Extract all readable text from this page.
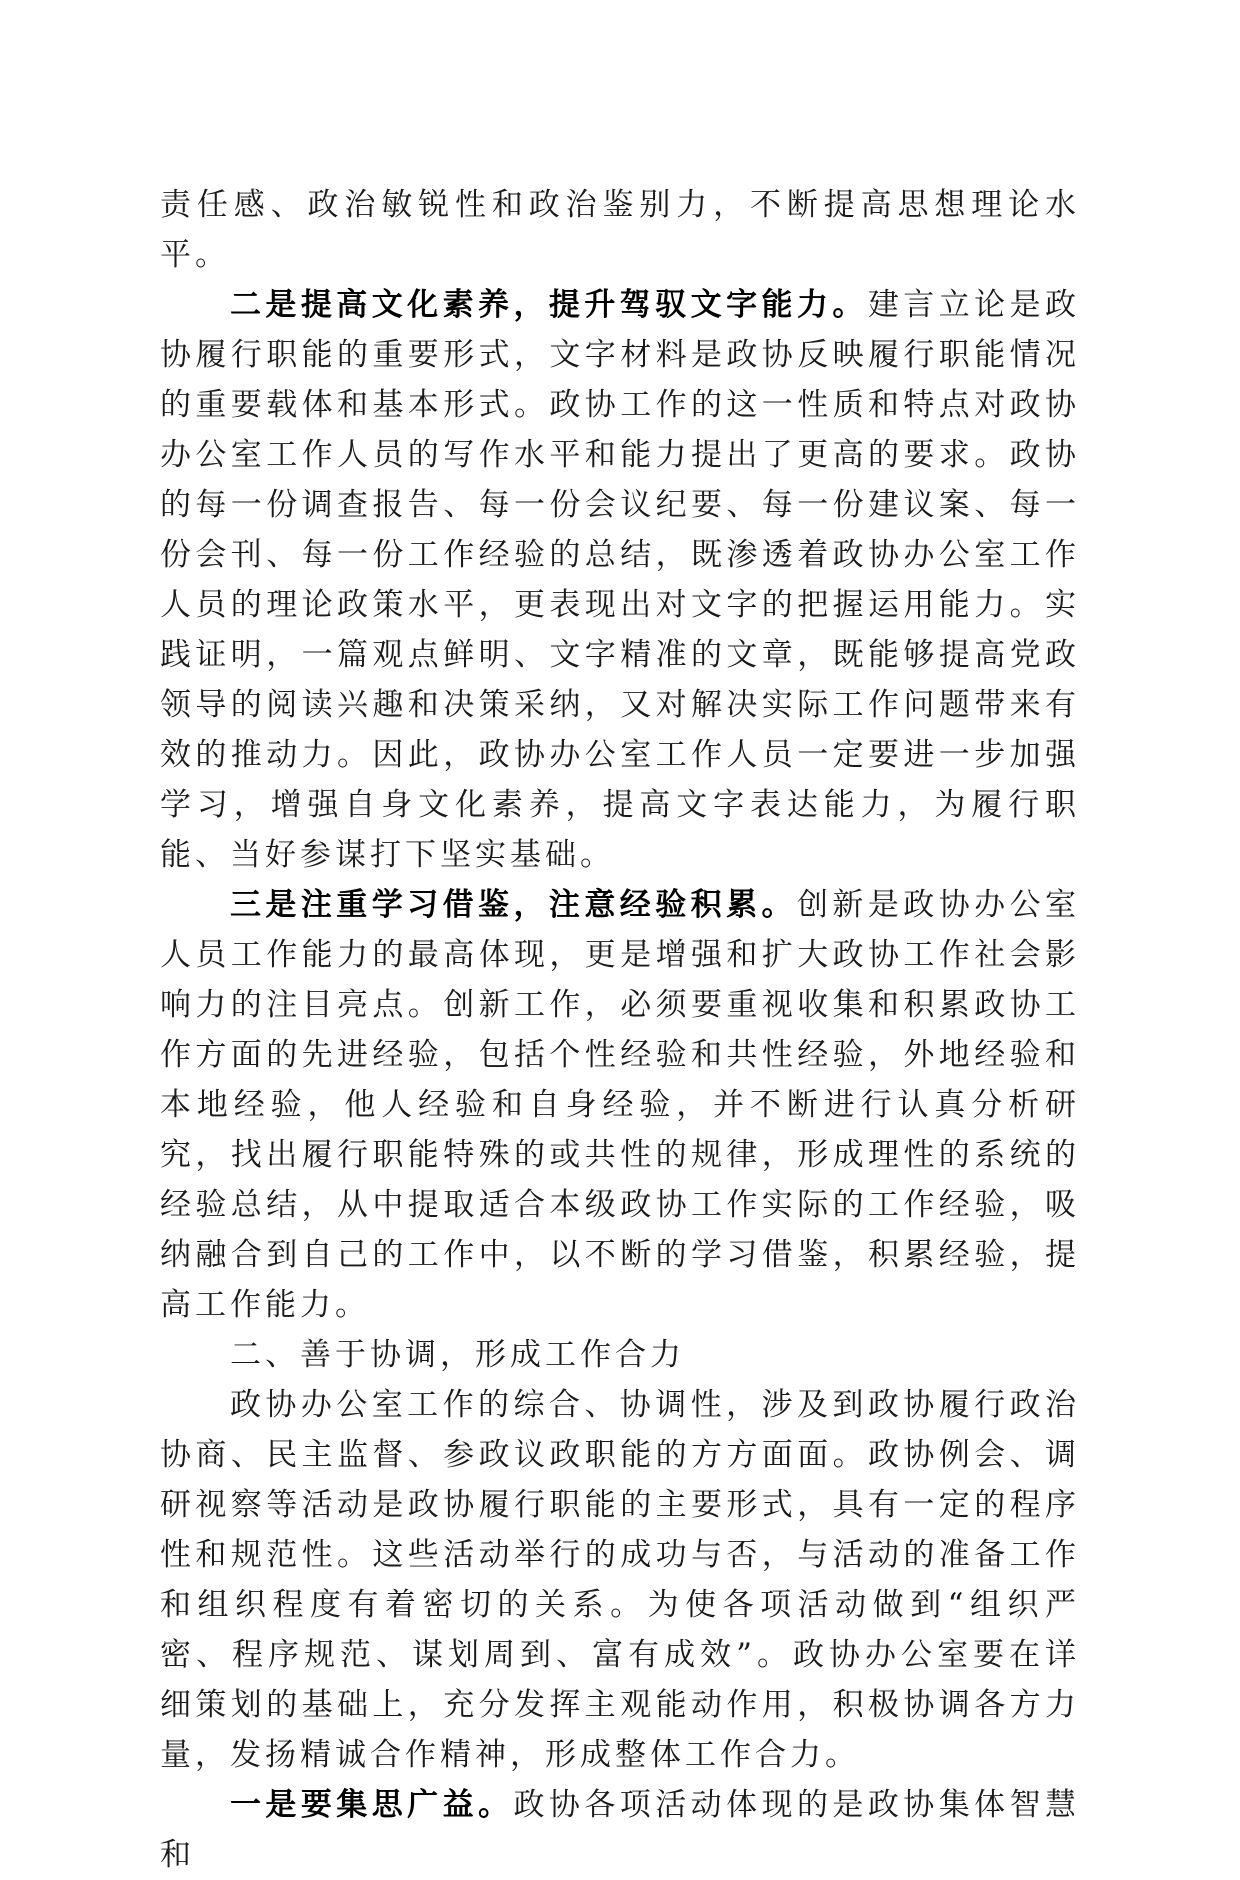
责任感、政治敏锐性和政治鉴别力，不断提高思想理论水平。

二是提高文化素养，提升驾驭文字能力。建言立论是政协履行职能的重要形式，文字材料是政协反映履行职能情况的重要载体和基本形式。政协工作的这一性质和特点对政协办公室工作人员的写作水平和能力提出了更高的要求。政协的每一份调查报告、每一份会议纪要、每一份建议案、每一份会刊、每一份工作经验的总结，既渗透着政协办公室工作人员的理论政策水平，更表现出对文字的把握运用能力。实践证明，一篇观点鲜明、文字精准的文章，既能够提高党政领导的阅读兴趣和决策采纳，又对解决实际工作问题带来有效的推动力。因此，政协办公室工作人员一定要进一步加强学习，增强自身文化素养，提高文字表达能力，为履行职能、当好参谋打下坚实基础。

三是注重学习借鉴，注意经验积累。创新是政协办公室人员工作能力的最高体现，更是增强和扩大政协工作社会影响力的注目亮点。创新工作，必须要重视收集和积累政协工作方面的先进经验，包括个性经验和共性经验，外地经验和本地经验，他人经验和自身经验，并不断进行认真分析研究，找出履行职能特殊的或共性的规律，形成理性的系统的经验总结，从中提取适合本级政协工作实际的工作经验，吸纳融合到自己的工作中，以不断的学习借鉴，积累经验，提高工作能力。

二、善于协调，形成工作合力

政协办公室工作的综合、协调性，涉及到政协履行政治协商、民主监督、参政议政职能的方方面面。政协例会、调研视察等活动是政协履行职能的主要形式，具有一定的程序性和规范性。这些活动举行的成功与否，与活动的准备工作和组织程度有着密切的关系。为使各项活动做到“组织严密、程序规范、谋划周到、富有成效”。政协办公室要在详细策划的基础上，充分发挥主观能动作用，积极协调各方力量，发扬精诚合作精神，形成整体工作合力。

一是要集思广益。政协各项活动体现的是政协集体智慧和
